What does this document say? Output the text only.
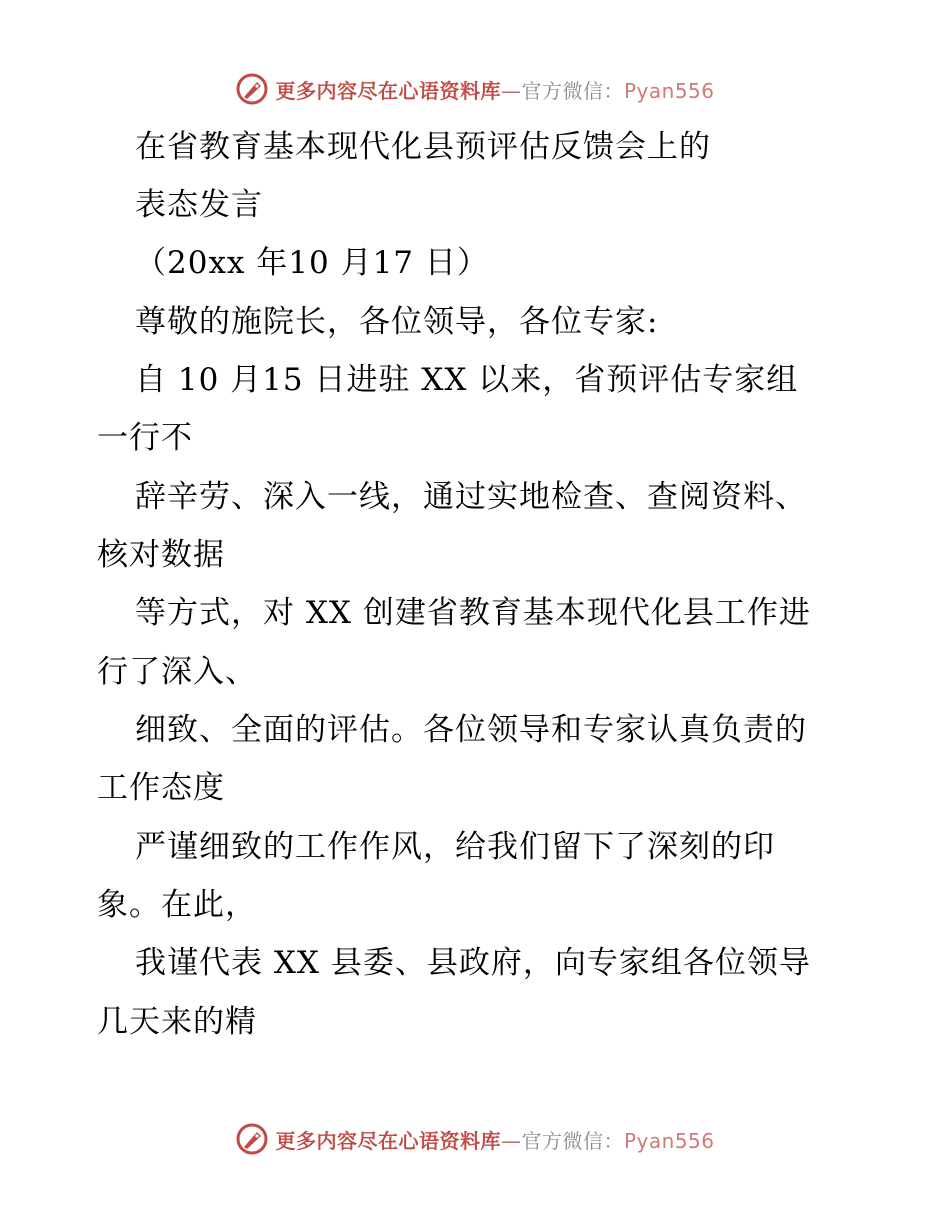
更多内容尽在心语资料库—官方微信：Pyan556
在省教育基本现代化县预评估反馈会上的
表态发言
（20xx 年10 月17 日）
尊敬的施院长，各位领导，各位专家:
自 10 月15 日进驻 XX 以来，省预评估专家组
一行不
辞辛劳、深入一线，通过实地检查、查阅资料、
核对数据
等方式，对 XX 创建省教育基本现代化县工作进
行了深入、
细致、全面的评估。各位领导和专家认真负责的
工作态度
严谨细致的工作作风，给我们留下了深刻的印
象。在此，
我谨代表 XX 县委、县政府，向专家组各位领导
几天来的精
更多内容尽在心语资料库—官方微信：Pyan556
